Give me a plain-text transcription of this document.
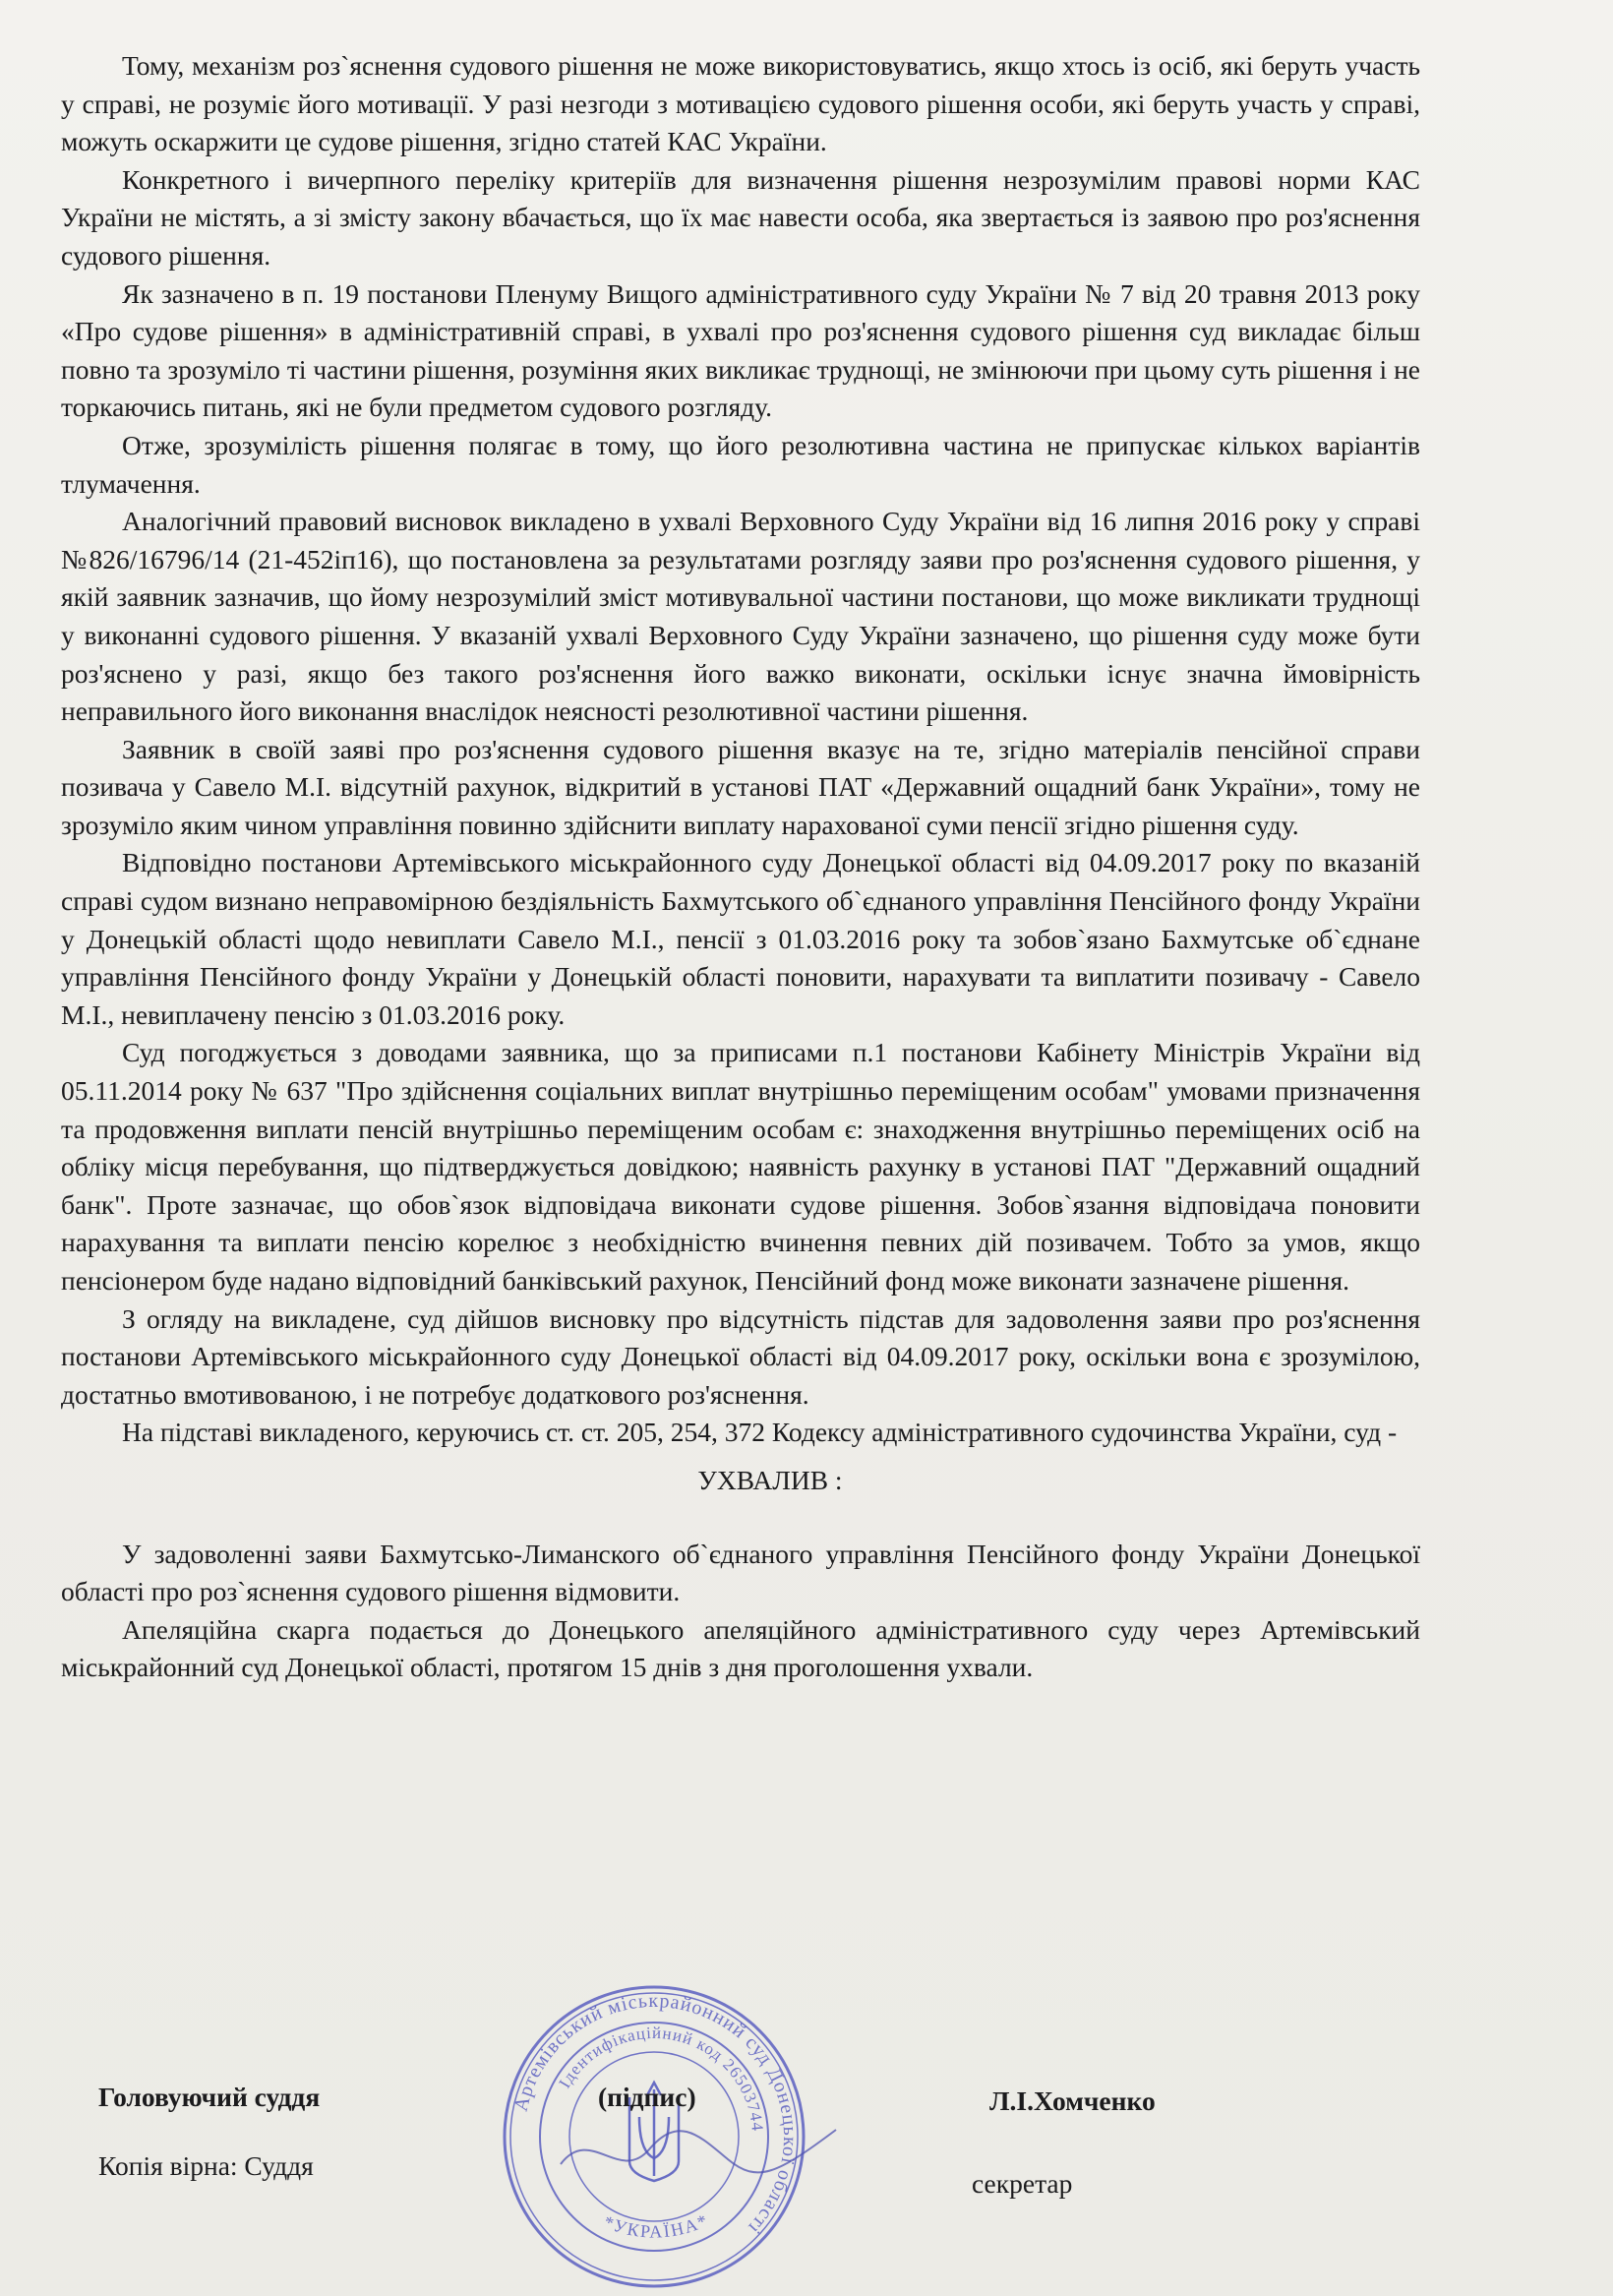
Тому, механізм роз`яснення судового рішення не може використовуватись, якщо хтось із осіб, які беруть участь у справі, не розуміє його мотивації. У разі незгоди з мотивацією судового рішення особи, які беруть участь у справі, можуть оскаржити це судове рішення, згідно статей КАС України.

Конкретного і вичерпного переліку критеріїв для визначення рішення незрозумілим правові норми КАС України не містять, а зі змісту закону вбачається, що їх має навести особа, яка звертається із заявою про роз'яснення судового рішення.

Як зазначено в п. 19 постанови Пленуму Вищого адміністративного суду України № 7 від 20 травня 2013 року «Про судове рішення» в адміністративній справі, в ухвалі про роз'яснення судового рішення суд викладає більш повно та зрозуміло ті частини рішення, розуміння яких викликає труднощі, не змінюючи при цьому суть рішення і не торкаючись питань, які не були предметом судового розгляду.

Отже, зрозумілість рішення полягає в тому, що його резолютивна частина не припускає кількох варіантів тлумачення.

Аналогічний правовий висновок викладено в ухвалі Верховного Суду України від 16 липня 2016 року у справі №826/16796/14 (21-452іп16), що постановлена за результатами розгляду заяви про роз'яснення судового рішення, у якій заявник зазначив, що йому незрозумілий зміст мотивувальної частини постанови, що може викликати труднощі у виконанні судового рішення. У вказаній ухвалі Верховного Суду України зазначено, що рішення суду може бути роз'яснено у разі, якщо без такого роз'яснення його важко виконати, оскільки існує значна ймовірність неправильного його виконання внаслідок неясності резолютивної частини рішення.

Заявник в своїй заяві про роз'яснення судового рішення вказує на те, згідно матеріалів пенсійної справи позивача у Савело М.І. відсутній рахунок, відкритий в установі ПАТ «Державний ощадний банк України», тому не зрозуміло яким чином управління повинно здійснити виплату нарахованої суми пенсії згідно рішення суду.

Відповідно постанови Артемівського міськрайонного суду Донецької області від 04.09.2017 року по вказаній справі судом визнано неправомірною бездіяльність Бахмутського об`єднаного управління Пенсійного фонду України у Донецькій області щодо невиплати Савело М.І., пенсії з 01.03.2016 року та зобов`язано Бахмутське об`єднане управління Пенсійного фонду України у Донецькій області поновити, нарахувати та виплатити позивачу - Савело М.І., невиплачену пенсію з 01.03.2016 року.

Суд погоджується з доводами заявника, що за приписами п.1 постанови Кабінету Міністрів України від 05.11.2014 року № 637 "Про здійснення соціальних виплат внутрішньо переміщеним особам" умовами призначення та продовження виплати пенсій внутрішньо переміщеним особам є: знаходження внутрішньо переміщених осіб на обліку місця перебування, що підтверджується довідкою; наявність рахунку в установі ПАТ "Державний ощадний банк". Проте зазначає, що обов`язок відповідача виконати судове рішення. Зобов`язання відповідача поновити нарахування та виплати пенсію корелює з необхідністю вчинення певних дій позивачем. Тобто за умов, якщо пенсіонером буде надано відповідний банківський рахунок, Пенсійний фонд може виконати зазначене рішення.

З огляду на викладене, суд дійшов висновку про відсутність підстав для задоволення заяви про роз'яснення постанови Артемівського міськрайонного суду Донецької області від 04.09.2017 року, оскільки вона є зрозумілою, достатньо вмотивованою, і не потребує додаткового роз'яснення.

На підставі викладеного, керуючись ст. ст. 205, 254, 372 Кодексу адміністративного судочинства України, суд -

УХВАЛИВ :

У задоволенні заяви Бахмутсько-Лиманского об`єднаного управління Пенсійного фонду України Донецької області про роз`яснення судового рішення відмовити.

Апеляційна скарга подається до Донецького апеляційного адміністративного суду через Артемівський міськрайонний суд Донецької області, протягом 15 днів з дня проголошення ухвали.

Артемівський міськрайонний суд Донецької області
Ідентифікаційний код 26503744
*УКРАЇНА*
Головуючий суддя	(підпис)	Л.І.Хомченко
Копія вірна: Суддя
секретар
